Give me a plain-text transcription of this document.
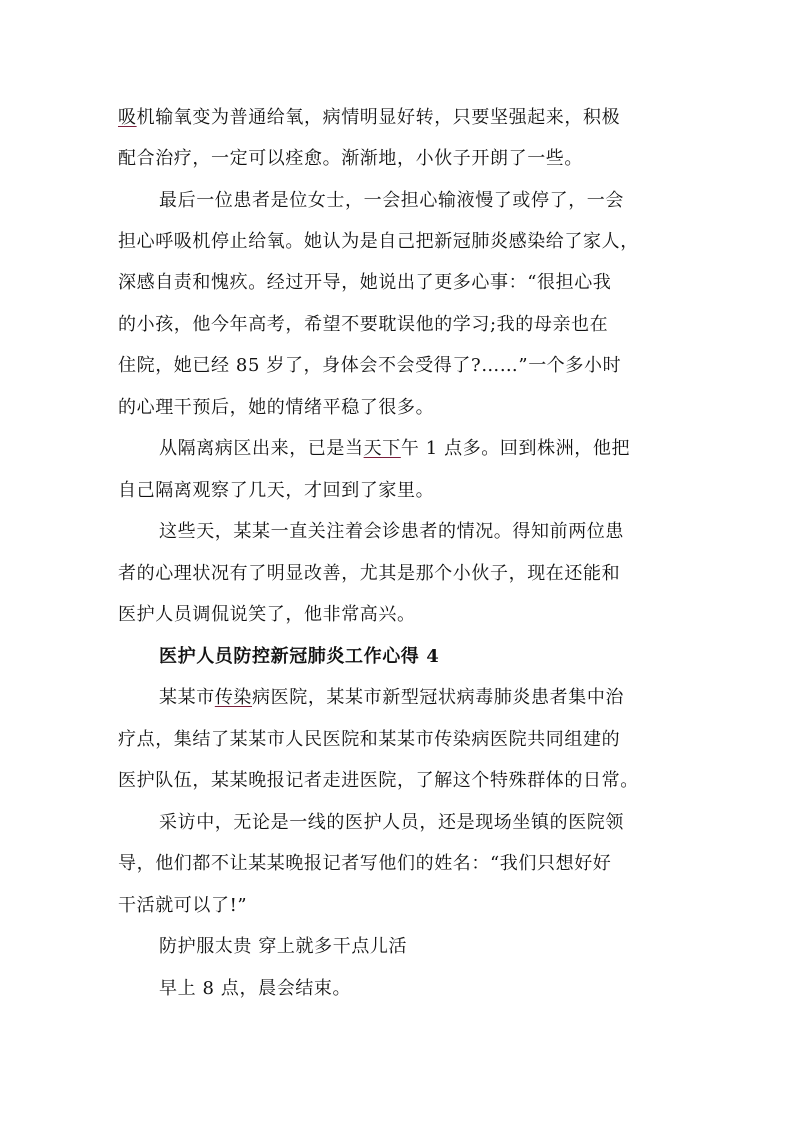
吸机输氧变为普通给氧，病情明显好转，只要坚强起来，积极
配合治疗，一定可以痊愈。渐渐地，小伙子开朗了一些。
最后一位患者是位女士，一会担心输液慢了或停了，一会
担心呼吸机停止给氧。她认为是自己把新冠肺炎感染给了家人，
深感自责和愧疚。经过开导，她说出了更多心事：“很担心我
的小孩，他今年高考，希望不要耽误他的学习;我的母亲也在
住院，她已经 85 岁了，身体会不会受得了?……”一个多小时
的心理干预后，她的情绪平稳了很多。
从隔离病区出来，已是当天下午 1 点多。回到株洲，他把
自己隔离观察了几天，才回到了家里。
这些天，某某一直关注着会诊患者的情况。得知前两位患
者的心理状况有了明显改善，尤其是那个小伙子，现在还能和
医护人员调侃说笑了，他非常高兴。
医护人员防控新冠肺炎工作心得 4
某某市传染病医院，某某市新型冠状病毒肺炎患者集中治
疗点，集结了某某市人民医院和某某市传染病医院共同组建的
医护队伍，某某晚报记者走进医院，了解这个特殊群体的日常。
采访中，无论是一线的医护人员，还是现场坐镇的医院领
导，他们都不让某某晚报记者写他们的姓名：“我们只想好好
干活就可以了!”
防护服太贵 穿上就多干点儿活
早上 8 点，晨会结束。
